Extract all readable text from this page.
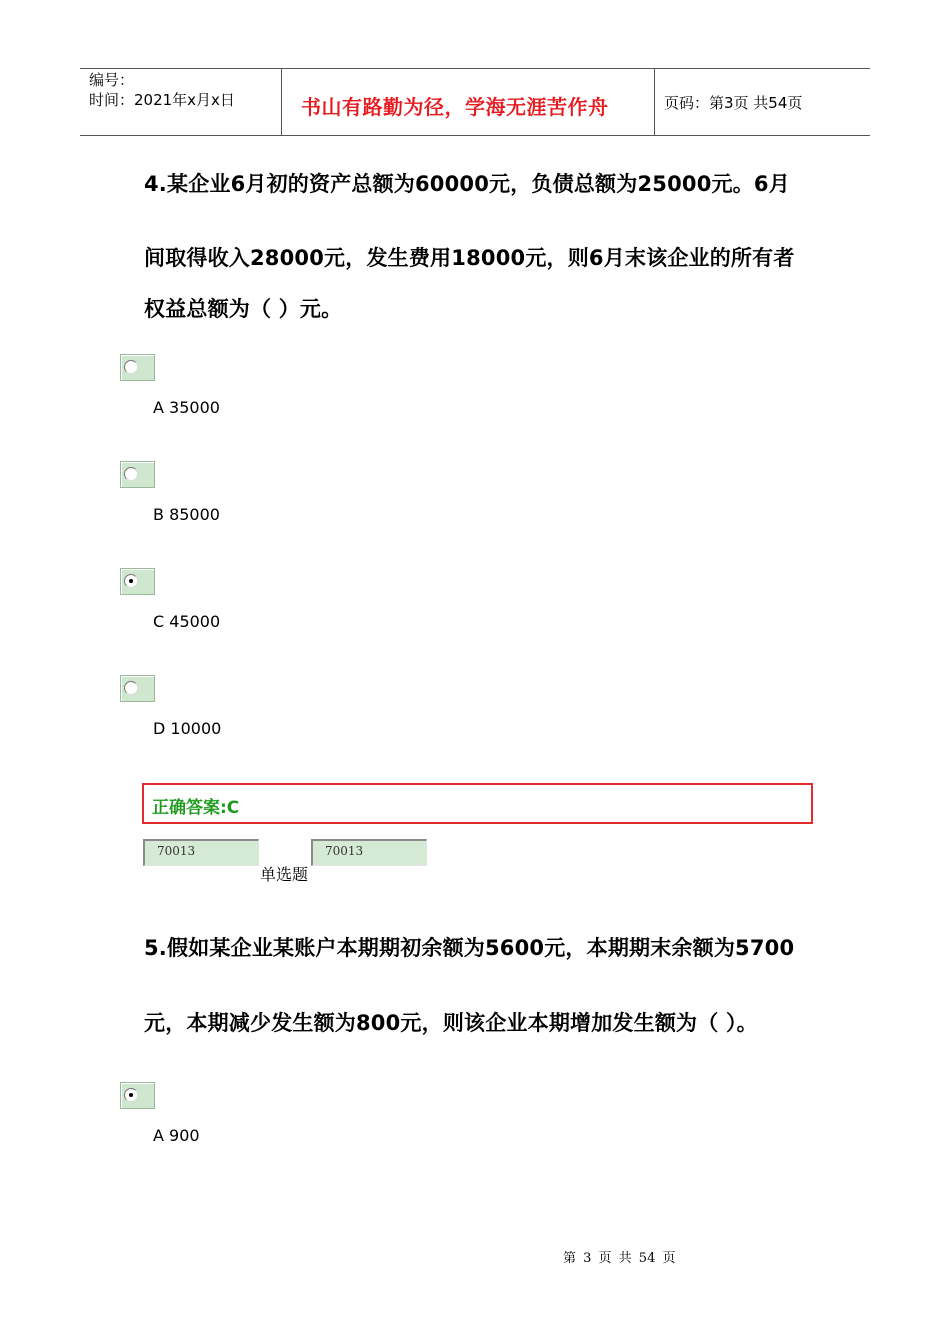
编号：
时间：2021年x月x日	书山有路勤为径，学海无涯苦作舟	页码：第3页 共54页
4.某企业6月初的资产总额为60000元，负债总额为25000元。6月
间取得收入28000元，发生费用18000元，则6月末该企业的所有者
权益总额为（ ）元。
A 35000
B 85000
C 45000
D 10000
正确答案:C
70013
单选题
70013
5.假如某企业某账户本期期初余额为5600元，本期期末余额为5700
元，本期减少发生额为800元，则该企业本期增加发生额为（ ）。
A 900
第 3 页 共 54 页
